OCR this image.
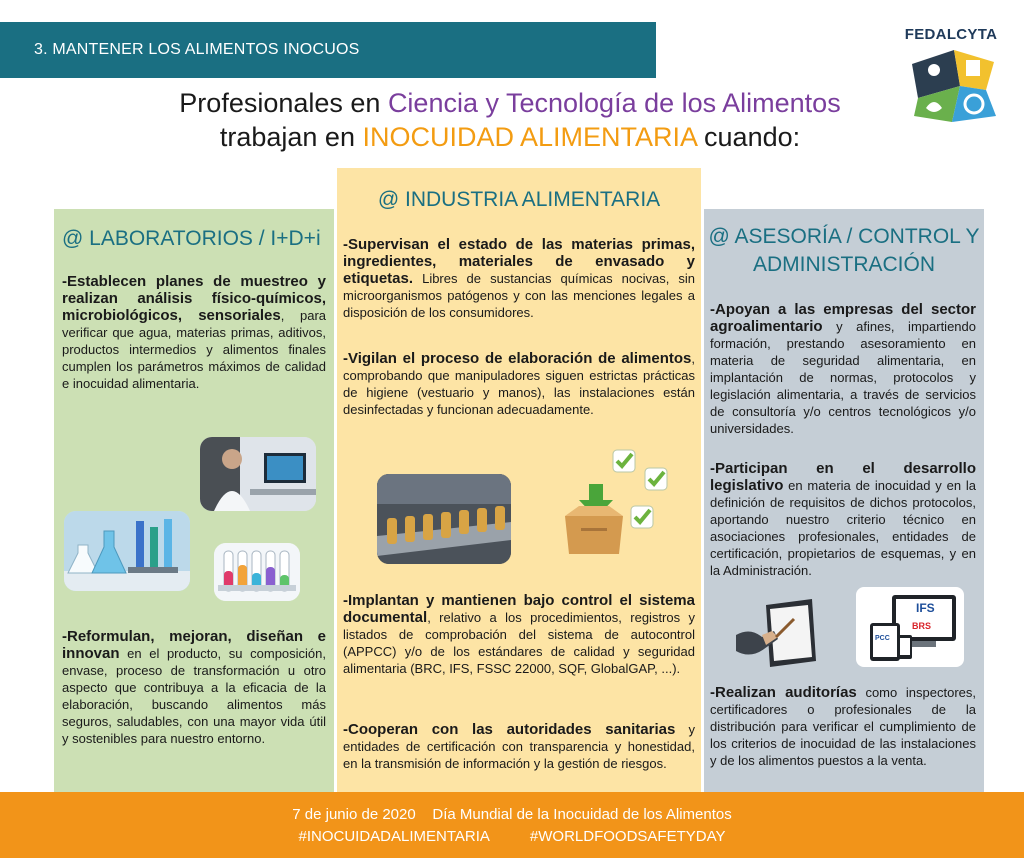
3. MANTENER LOS ALIMENTOS INOCUOS
FEDALCYTA
Profesionales en Ciencia y Tecnología de los Alimentos
trabajan en INOCUIDAD ALIMENTARIA cuando:
@ LABORATORIOS / I+D+i
-Establecen planes de muestreo y realizan análisis físico-químicos, microbiológicos, sensoriales, para verificar que agua, materias primas, aditivos, productos intermedios y alimentos finales cumplen los parámetros máximos de calidad e inocuidad alimentaria.
-Reformulan, mejoran, diseñan e innovan en el producto, su composición, envase, proceso de transformación u otro aspecto que contribuya a la eficacia de la elaboración, buscando alimentos más seguros, saludables, con una mayor vida útil y sostenibles para nuestro entorno.
@ INDUSTRIA ALIMENTARIA
-Supervisan el estado de las materias primas, ingredientes, materiales de envasado y etiquetas. Libres de sustancias químicas nocivas, sin microorganismos patógenos y con las menciones legales a disposición de los consumidores.
-Vigilan el proceso de elaboración de alimentos, comprobando que manipuladores siguen estrictas prácticas de higiene (vestuario y manos), las instalaciones están desinfectadas y funcionan adecuadamente.
-Implantan y mantienen bajo control el sistema documental, relativo a los procedimientos, registros y listados de comprobación del sistema de autocontrol (APPCC) y/o de los estándares de calidad y seguridad alimentaria (BRC, IFS, FSSC 22000, SQF, GlobalGAP, ...).
-Cooperan con las autoridades sanitarias y entidades de certificación con transparencia y honestidad, en la transmisión de información y la gestión de riesgos.
@ ASESORÍA / CONTROL Y ADMINISTRACIÓN
-Apoyan a las empresas del sector agroalimentario y afines, impartiendo formación, prestando asesoramiento en materia de seguridad alimentaria, en implantación de normas, protocolos y legislación alimentaria, a través de servicios de consultoría y/o centros tecnológicos y/o universidades.
-Participan en el desarrollo legislativo en materia de inocuidad y en la definición de requisitos de dichos protocolos, aportando nuestro criterio técnico en asociaciones profesionales, entidades de certificación, propietarios de esquemas, y en la Administración.
IFS
BRS
PCC
-Realizan auditorías como inspectores, certificadores o profesionales de la distribución para verificar el cumplimiento de los criterios de inocuidad de las instalaciones y de los alimentos puestos a la venta.
7 de junio de 2020 Día Mundial de la Inocuidad de los Alimentos
#INOCUIDADALIMENTARIA	#WORLDFOODSAFETYDAY
